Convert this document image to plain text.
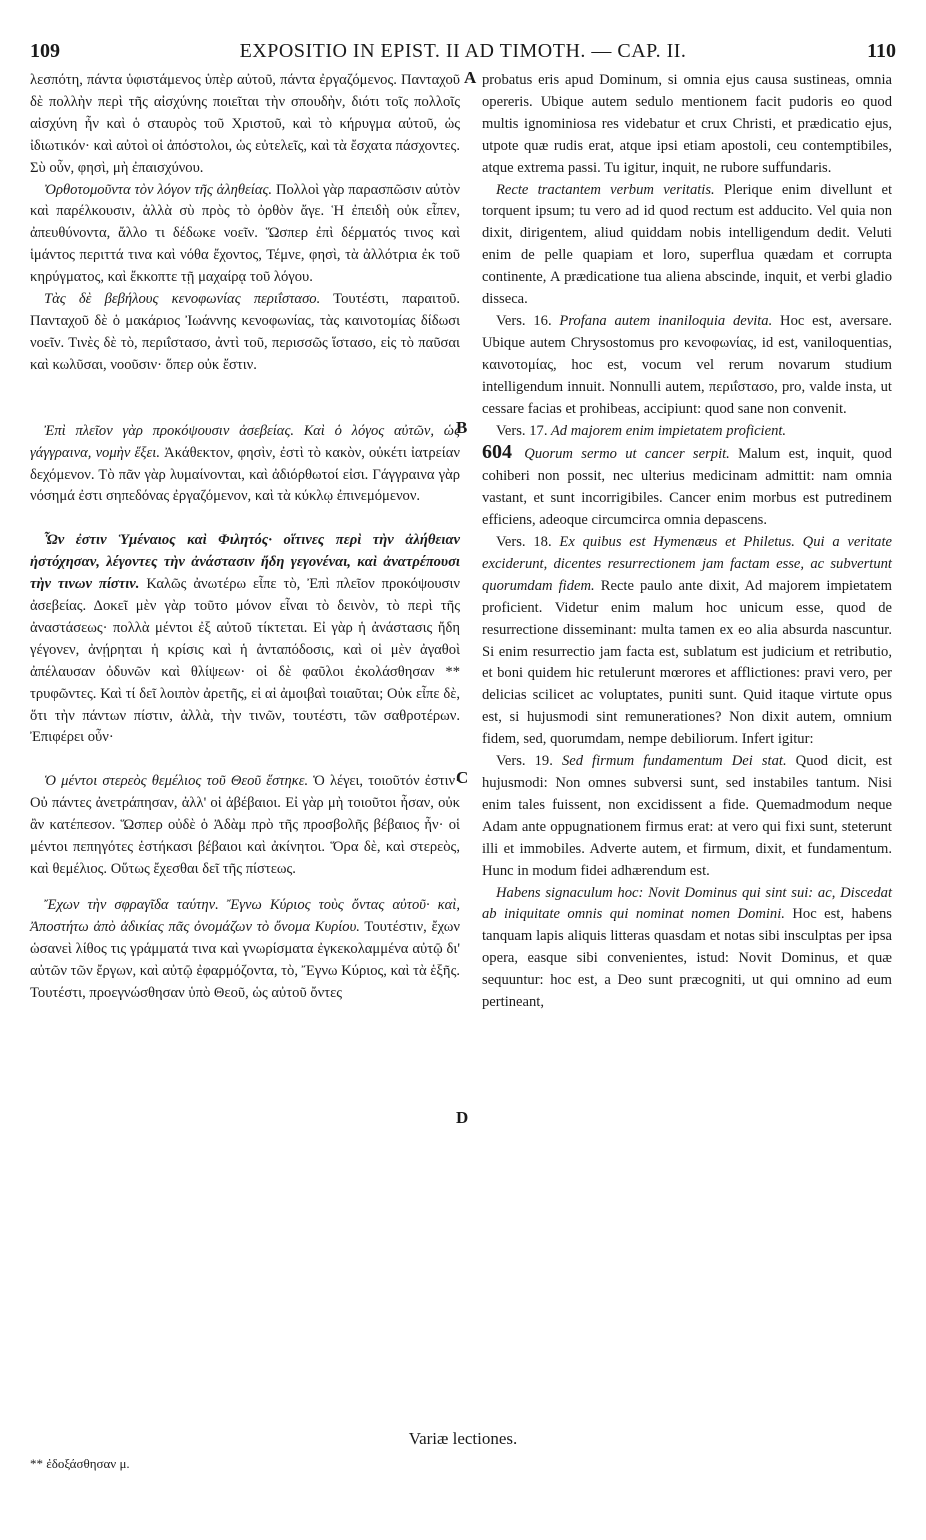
109	EXPOSITIO IN EPIST. II AD TIMOTH. — CAP. II.	110

λεσπότη, πάντα ὑφιστάμενος ὑπὲρ αὐτοῦ, πάντα ἐργαζόμενος. Πανταχοῦ δὲ πολλὴν περὶ τῆς αἰσχύνης ποιεῖται τὴν σπουδὴν, διότι τοῖς πολλοῖς αἰσχύνη ἦν καὶ ὁ σταυρὸς τοῦ Χριστοῦ, καὶ τὸ κήρυγμα αὐτοῦ, ὡς ἰδιωτικόν· καὶ αὐτοὶ οἱ ἀπόστολοι, ὡς εὐτελεῖς, καὶ τὰ ἔσχατα πάσχοντες. Σὺ οὖν, φησὶ, μὴ ἐπαισχύνου.

Ὀρθοτομοῦντα τὸν λόγον τῆς ἀληθείας. Πολλοὶ γὰρ παρασπῶσιν αὐτὸν καὶ παρέλκουσιν, ἀλλὰ σὺ πρὸς τὸ ὀρθὸν ἄγε. Ἡ ἐπειδὴ οὐκ εἶπεν, ἀπευθύνοντα, ἄλλο τι δέδωκε νοεῖν. Ὥσπερ ἐπὶ δέρματός τινος καὶ ἱμάντος περιττά τινα καὶ νόθα ἔχοντος, Τέμνε, φησὶ, τὰ ἀλλότρια ἐκ τοῦ κηρύγματος, καὶ ἔκκοπτε τῇ μαχαίρᾳ τοῦ λόγου.

Τὰς δὲ βεβήλους κενοφωνίας περιΐστασο. Τουτέστι, παραιτοῦ. Πανταχοῦ δὲ ὁ μακάριος Ἰωάννης κενοφωνίας, τὰς καινοτομίας δίδωσι νοεῖν. Τινὲς δὲ τὸ, περιΐστασο, ἀντὶ τοῦ, περισσῶς ἵστασο, εἰς τὸ παῦσαι καὶ κωλῦσαι, νοοῦσιν· ὅπερ οὐκ ἔστιν.

Ἐπὶ πλεῖον γὰρ προκόψουσιν ἀσεβείας. Καὶ ὁ λόγος αὐτῶν, ὡς γάγγραινα, νομὴν ἕξει. Ἀκάθεκτον, φησὶν, ἐστὶ τὸ κακὸν, οὐκέτι ἰατρείαν δεχόμενον. Τὸ πᾶν γὰρ λυμαίνονται, καὶ ἀδιόρθωτοί εἰσι. Γάγγραινα γὰρ νόσημά ἐστι σηπεδόνας ἐργαζόμενον, καὶ τὰ κύκλῳ ἐπινεμόμενον.

Ὧν ἐστιν Ὑμέναιος καὶ Φιλητός· οἵτινες περὶ τὴν ἀλήθειαν ἠστόχησαν, λέγοντες τὴν ἀνάστασιν ἤδη γεγονέναι, καὶ ἀνατρέπουσι τὴν τινων πίστιν. Καλῶς ἀνωτέρω εἶπε τὸ, Ἐπὶ πλεῖον προκόψουσιν ἀσεβείας. Δοκεῖ μὲν γὰρ τοῦτο μόνον εἶναι τὸ δεινὸν, τὸ περὶ τῆς ἀναστάσεως· πολλὰ μέντοι ἐξ αὐτοῦ τίκτεται. Εἰ γὰρ ἡ ἀνάστασις ἤδη γέγονεν, ἀνῄρηται ἡ κρίσις καὶ ἡ ἀνταπόδοσις, καὶ οἱ μὲν ἀγαθοὶ ἀπέλαυσαν ὀδυνῶν καὶ θλίψεων· οἱ δὲ φαῦλοι ἐκολάσθησαν ** τρυφῶντες. Καὶ τί δεῖ λοιπὸν ἀρετῆς, εἰ αἱ ἀμοιβαὶ τοιαῦται; Οὐκ εἶπε δὲ, ὅτι τὴν πάντων πίστιν, ἀλλὰ, τὴν τινῶν, τουτέστι, τῶν σαθροτέρων. Ἐπιφέρει οὖν·

Ὁ μέντοι στερεὸς θεμέλιος τοῦ Θεοῦ ἕστηκε. Ὁ λέγει, τοιοῦτόν ἐστιν· Οὐ πάντες ἀνετράπησαν, ἀλλ' οἱ ἀβέβαιοι. Εἰ γὰρ μὴ τοιοῦτοι ἦσαν, οὐκ ἂν κατέπεσον. Ὥσπερ οὐδὲ ὁ Ἀδὰμ πρὸ τῆς προσβολῆς βέβαιος ἦν· οἱ μέντοι πεπηγότες ἑστήκασι βέβαιοι καὶ ἀκίνητοι. Ὅρα δὲ, καὶ στερεὸς, καὶ θεμέλιος. Οὕτως ἔχεσθαι δεῖ τῆς πίστεως.

Ἔχων τὴν σφραγῖδα ταύτην. Ἔγνω Κύριος τοὺς ὄντας αὐτοῦ· καὶ, Ἀποστήτω ἀπὸ ἀδικίας πᾶς ὀνομάζων τὸ ὄνομα Κυρίου. Τουτέστιν, ἔχων ὡσανεὶ λίθος τις γράμματά τινα καὶ γνωρίσματα ἐγκεκολαμμένα αὐτῷ δι' αὐτῶν τῶν ἔργων, καὶ αὐτῷ ἐφαρμόζοντα, τὸ, Ἔγνω Κύριος, καὶ τὰ ἑξῆς. Τουτέστι, προεγνώσθησαν ὑπὸ Θεοῦ, ὡς αὐτοῦ ὄντες

A
B
C
D

probatus eris apud Dominum, si omnia ejus causa sustineas, omnia opereris. Ubique autem sedulo mentionem facit pudoris eo quod multis ignominiosa res videbatur et crux Christi, et prædicatio ejus, utpote quæ rudis erat, atque ipsi etiam apostoli, ceu contemptibiles, atque extrema passi. Tu igitur, inquit, ne rubore suffundaris.

Recte tractantem verbum veritatis. Plerique enim divellunt et torquent ipsum; tu vero ad id quod rectum est adducito. Vel quia non dixit, dirigentem, aliud quiddam nobis intelligendum dedit. Veluti enim de pelle quapiam et loro, superflua quædam et corrupta continente, A prædicatione tua aliena abscinde, inquit, et verbi gladio disseca.

Vers. 16. Profana autem inaniloquia devita. Hoc est, aversare. Ubique autem Chrysostomus pro κενοφωνίας, id est, vaniloquentias, καινοτομίας, hoc est, vocum vel rerum novarum studium intelligendum innuit. Nonnulli autem, περιΐστασο, pro, valde insta, ut cessare facias et prohibeas, accipiunt: quod sane non convenit.

Vers. 17. Ad majorem enim impietatem proficient.
604 Quorum sermo ut cancer serpit. Malum est, inquit, quod cohiberi non possit, nec ulterius medicinam admittit: nam omnia vastant, et sunt incorrigibiles. Cancer enim morbus est putredinem efficiens, adeoque circumcirca omnia depascens.

Vers. 18. Ex quibus est Hymenæus et Philetus. Qui a veritate exciderunt, dicentes resurrectionem jam factam esse, ac subvertunt quorumdam fidem. Recte paulo ante dixit, Ad majorem impietatem proficient. Videtur enim malum hoc unicum esse, quod de resurrectione disseminant: multa tamen ex eo alia absurda nascuntur. Si enim resurrectio jam facta est, sublatum est judicium et retributio, et boni quidem hic retulerunt mœrores et afflictiones: pravi vero, per delicias scilicet ac voluptates, puniti sunt. Quid itaque virtute opus est, si hujusmodi sint remunerationes? Non dixit autem, omnium fidem, sed, quorumdam, nempe debiliorum. Infert igitur:

Vers. 19. Sed firmum fundamentum Dei stat. Quod dicit, est hujusmodi: Non omnes subversi sunt, sed instabiles tantum. Nisi enim tales fuissent, non excidissent a fide. Quemadmodum neque Adam ante oppugnationem firmus erat: at vero qui fixi sunt, steterunt illi et immobiles. Adverte autem, et firmum, dixit, et fundamentum. Hunc in modum fidei adhærendum est.

Habens signaculum hoc: Novit Dominus qui sint sui: ac, Discedat ab iniquitate omnis qui nominat nomen Domini. Hoc est, habens tanquam lapis aliquis litteras quasdam et notas sibi insculptas per ipsa opera, easque sibi convenientes, istud: Novit Dominus, et quæ sequuntur: hoc est, a Deo sunt præcogniti, ut qui omnino ad eum pertineant,

Variæ lectiones.
** ἐδοξάσθησαν μ.
